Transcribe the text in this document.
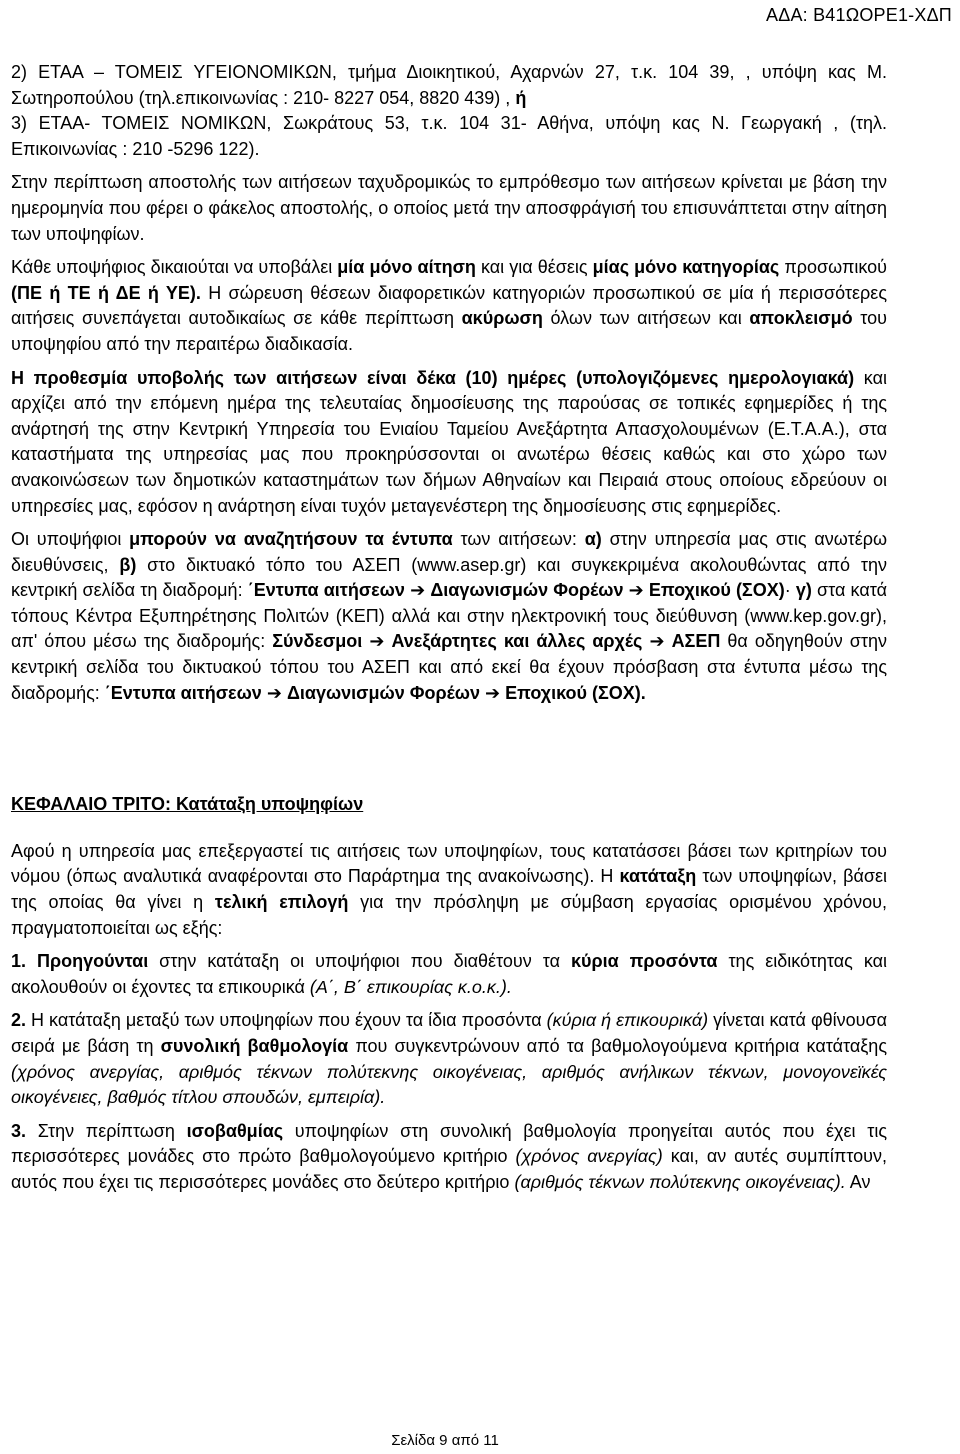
ΑΔΑ: Β41ΩΟΡΕ1-ΧΔΠ

2) ΕΤΑΑ – ΤΟΜΕΙΣ ΥΓΕΙΟΝΟΜΙΚΩΝ, τμήμα Διοικητικού, Αχαρνών 27, τ.κ. 104 39, , υπόψη κας Μ. Σωτηροπούλου (τηλ.επικοινωνίας : 210- 8227 054, 8820 439) , ή

3) ΕΤΑΑ- ΤΟΜΕΙΣ ΝΟΜΙΚΩΝ, Σωκράτους 53, τ.κ. 104 31- Αθήνα, υπόψη κας Ν. Γεωργακή , (τηλ. Επικοινωνίας : 210 -5296 122).

Στην περίπτωση αποστολής των αιτήσεων ταχυδρομικώς το εμπρόθεσμο των αιτήσεων κρίνεται με βάση την ημερομηνία που φέρει ο φάκελος αποστολής, ο οποίος μετά την αποσφράγισή του επισυνάπτεται στην αίτηση των υποψηφίων.

Κάθε υποψήφιος δικαιούται να υποβάλει μία μόνο αίτηση και για θέσεις μίας μόνο κατηγορίας προσωπικού (ΠΕ ή ΤΕ ή ΔΕ ή ΥΕ). Η σώρευση θέσεων διαφορετικών κατηγοριών προσωπικού σε μία ή περισσότερες αιτήσεις συνεπάγεται αυτοδικαίως σε κάθε περίπτωση ακύρωση όλων των αιτήσεων και αποκλεισμό του υποψηφίου από την περαιτέρω διαδικασία.

Η προθεσμία υποβολής των αιτήσεων είναι δέκα (10) ημέρες (υπολογιζόμενες ημερολογιακά) και αρχίζει από την επόμενη ημέρα της τελευταίας δημοσίευσης της παρούσας σε τοπικές εφημερίδες ή της ανάρτησή της στην Κεντρική Υπηρεσία του Ενιαίου Ταμείου Ανεξάρτητα Απασχολουμένων (Ε.Τ.Α.Α.), στα καταστήματα της υπηρεσίας μας που προκηρύσσονται οι ανωτέρω θέσεις καθώς και στο χώρο των ανακοινώσεων των δημοτικών καταστημάτων των δήμων Αθηναίων και Πειραιά στους οποίους εδρεύουν οι υπηρεσίες μας, εφόσον η ανάρτηση είναι τυχόν μεταγενέστερη της δημοσίευσης στις εφημερίδες.

Οι υποψήφιοι μπορούν να αναζητήσουν τα έντυπα των αιτήσεων: α) στην υπηρεσία μας στις ανωτέρω διευθύνσεις, β) στο δικτυακό τόπο του ΑΣΕΠ (www.asep.gr) και συγκεκριμένα ακολουθώντας από την κεντρική σελίδα τη διαδρομή: ΄Εντυπα αιτήσεων ➔ Διαγωνισμών Φορέων ➔ Εποχικού (ΣΟΧ)· γ) στα κατά τόπους Κέντρα Εξυπηρέτησης Πολιτών (ΚΕΠ) αλλά και στην ηλεκτρονική τους διεύθυνση (www.kep.gov.gr), απ' όπου μέσω της διαδρομής: Σύνδεσμοι ➔ Ανεξάρτητες και άλλες αρχές ➔ ΑΣΕΠ θα οδηγηθούν στην κεντρική σελίδα του δικτυακού τόπου του ΑΣΕΠ και από εκεί θα έχουν πρόσβαση στα έντυπα μέσω της διαδρομής: ΄Εντυπα αιτήσεων ➔ Διαγωνισμών Φορέων ➔ Εποχικού (ΣΟΧ).

ΚΕΦΑΛΑΙΟ ΤΡΙΤΟ: Κατάταξη υποψηφίων

Αφού η υπηρεσία μας επεξεργαστεί τις αιτήσεις των υποψηφίων, τους κατατάσσει βάσει των κριτηρίων του νόμου (όπως αναλυτικά αναφέρονται στο Παράρτημα της ανακοίνωσης). Η κατάταξη των υποψηφίων, βάσει της οποίας θα γίνει η τελική επιλογή για την πρόσληψη με σύμβαση εργασίας ορισμένου χρόνου, πραγματοποιείται ως εξής:

1. Προηγούνται στην κατάταξη οι υποψήφιοι που διαθέτουν τα κύρια προσόντα της ειδικότητας και ακολουθούν οι έχοντες τα επικουρικά (Α΄, Β΄ επικουρίας κ.ο.κ.).

2. Η κατάταξη μεταξύ των υποψηφίων που έχουν τα ίδια προσόντα (κύρια ή επικουρικά) γίνεται κατά φθίνουσα σειρά με βάση τη συνολική βαθμολογία που συγκεντρώνουν από τα βαθμολογούμενα κριτήρια κατάταξης (χρόνος ανεργίας, αριθμός τέκνων πολύτεκνης οικογένειας, αριθμός ανήλικων τέκνων, μονογονεϊκές οικογένειες, βαθμός τίτλου σπουδών, εμπειρία).

3. Στην περίπτωση ισοβαθμίας υποψηφίων στη συνολική βαθμολογία προηγείται αυτός που έχει τις περισσότερες μονάδες στο πρώτο βαθμολογούμενο κριτήριο (χρόνος ανεργίας) και, αν αυτές συμπίπτουν, αυτός που έχει τις περισσότερες μονάδες στο δεύτερο κριτήριο (αριθμός τέκνων πολύτεκνης οικογένειας). Αν

Σελίδα 9 από 11
